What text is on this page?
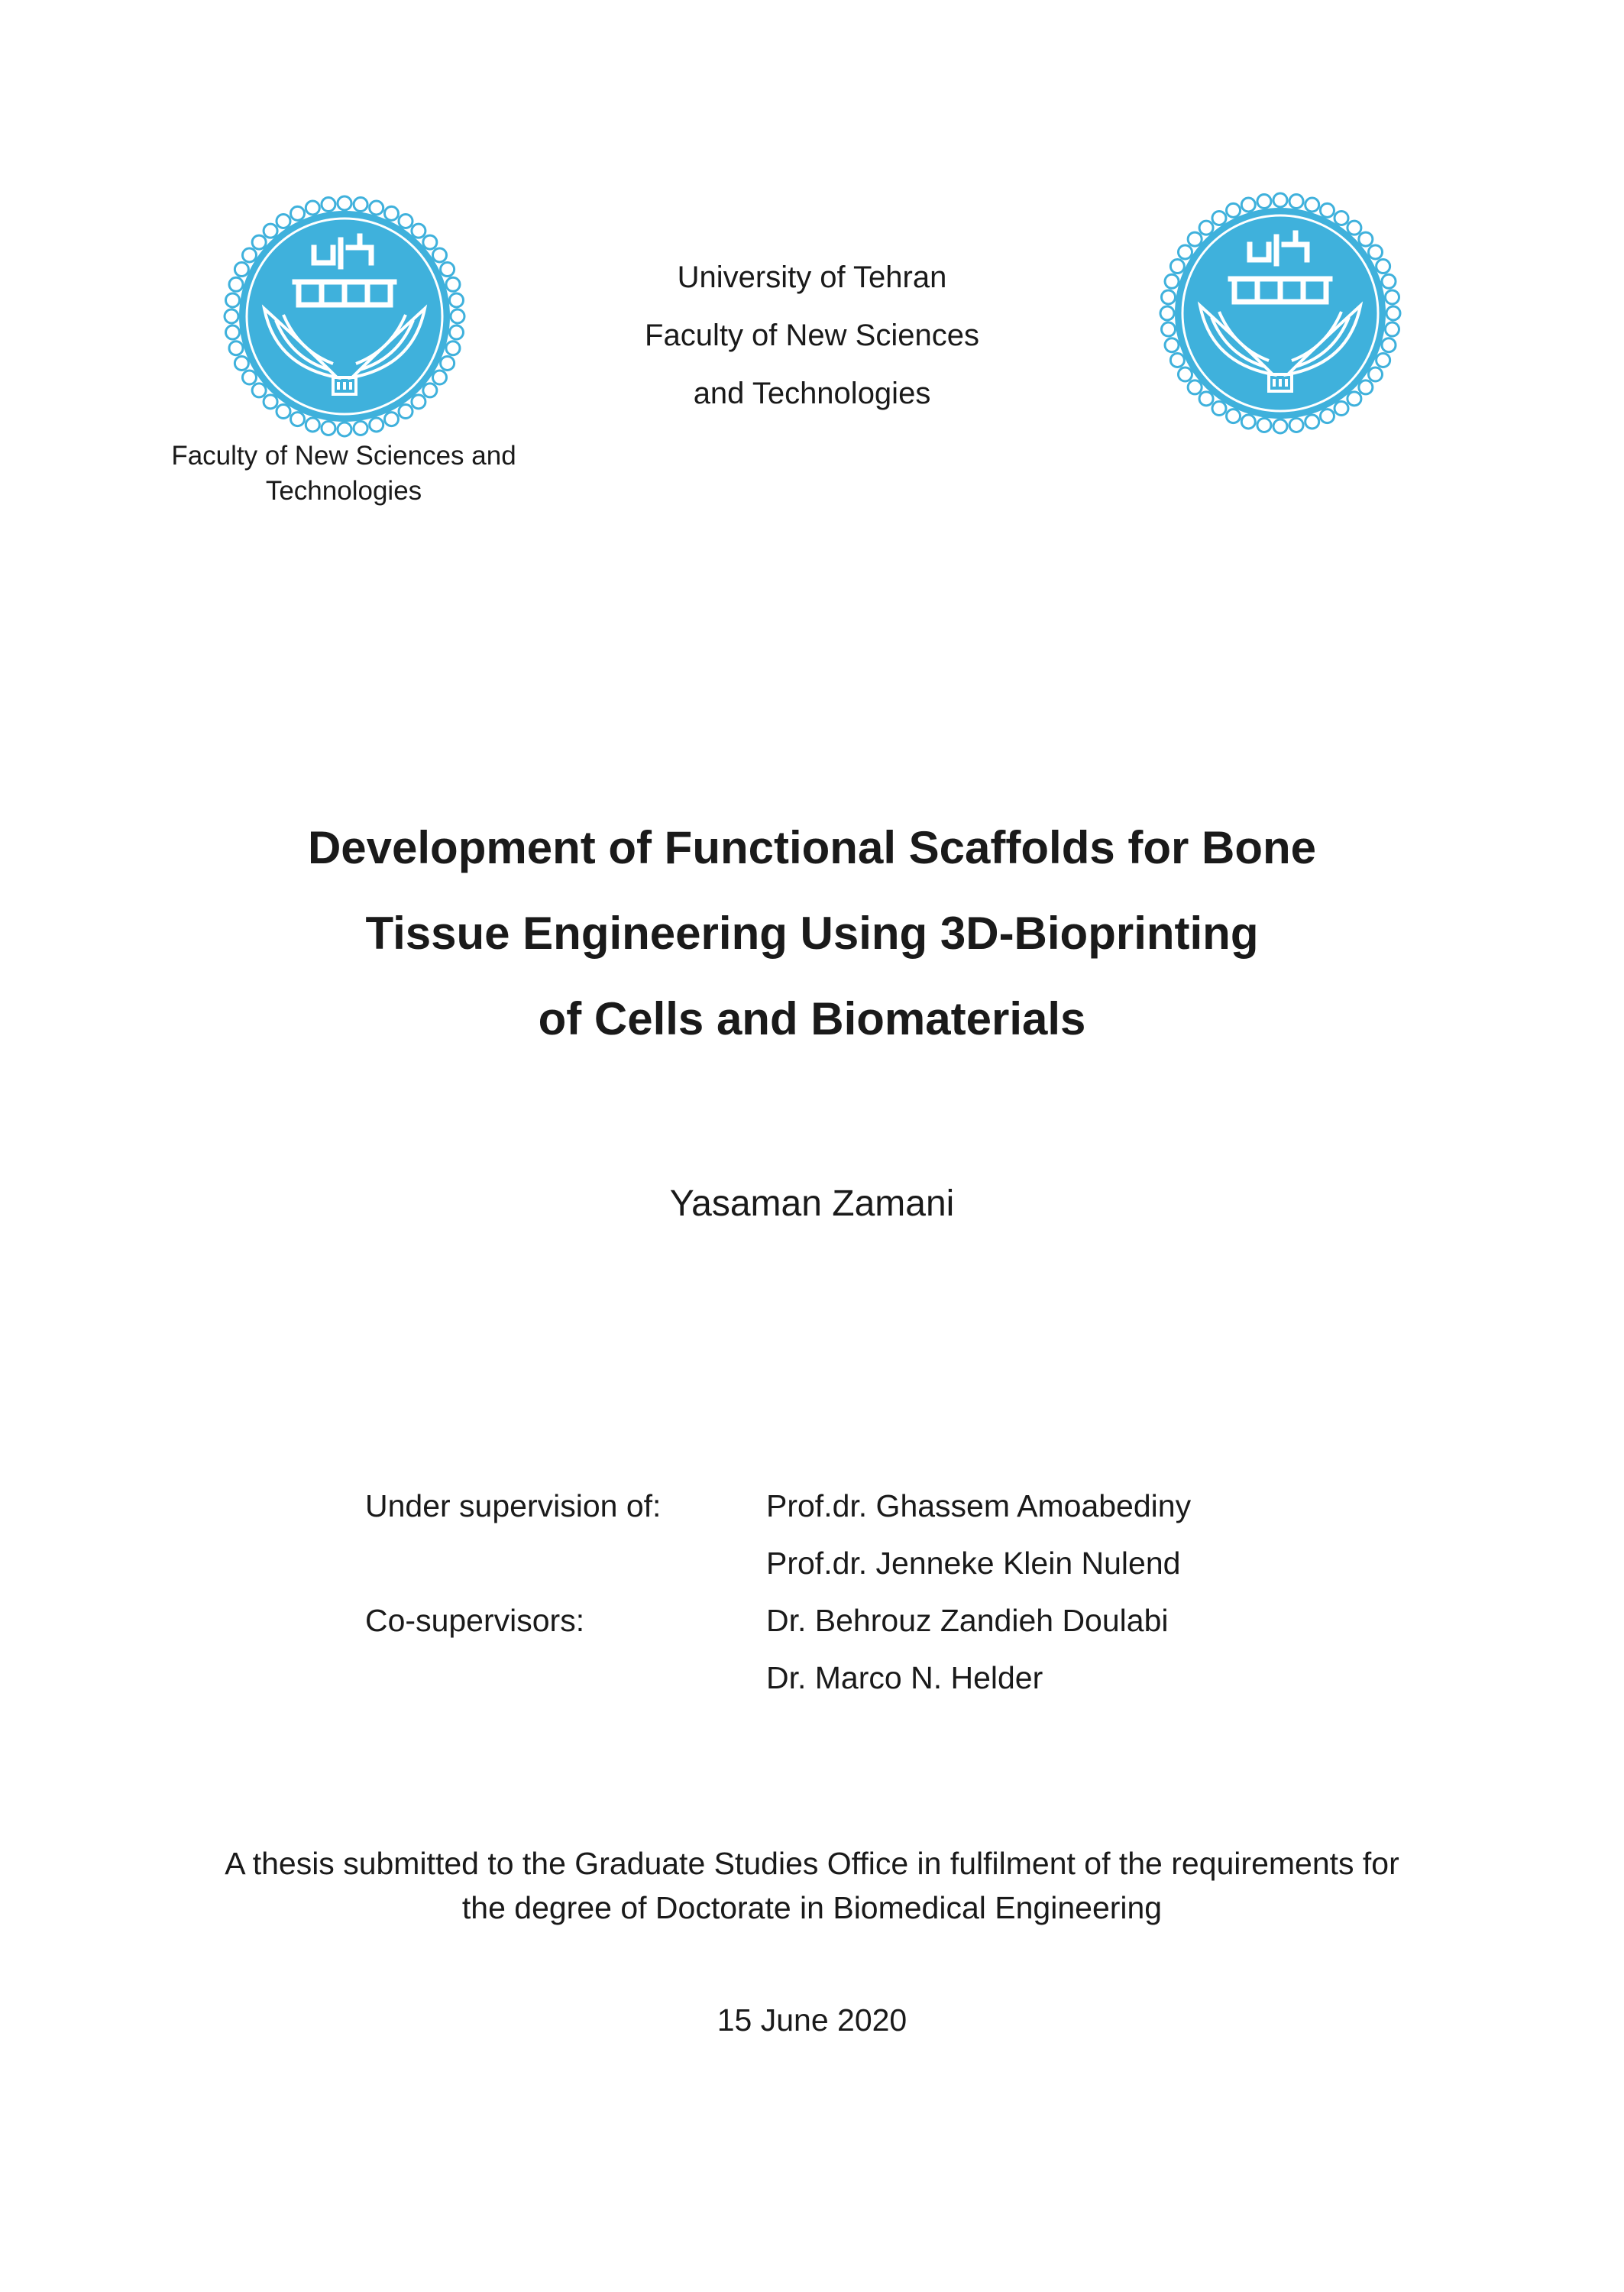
Faculty of New Sciences and
Technologies
University of Tehran
Faculty of New Sciences
and Technologies
Development of Functional Scaffolds for Bone
Tissue Engineering Using 3D-Bioprinting
of Cells and Biomaterials
Yasaman Zamani
Under supervision of:	Prof.dr. Ghassem Amoabediny
Prof.dr. Jenneke Klein Nulend
Co-supervisors:	Dr. Behrouz Zandieh Doulabi
Dr. Marco N. Helder
A thesis submitted to the Graduate Studies Office in fulfilment of the requirements for
the degree of Doctorate in Biomedical Engineering
15 June 2020
